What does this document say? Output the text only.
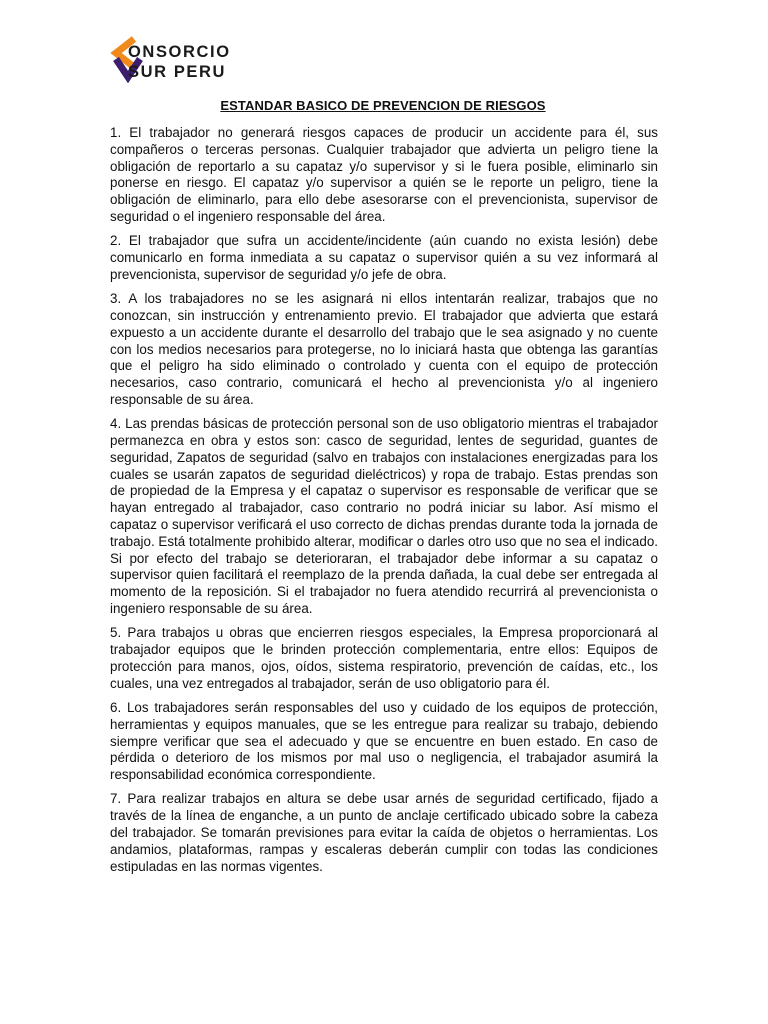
ONSORCIO
SUR PERU
ESTANDAR BASICO DE PREVENCION DE RIESGOS

1. El trabajador no generará riesgos capaces de producir un accidente para él, sus compañeros o terceras personas. Cualquier trabajador que advierta un peligro tiene la obligación de reportarlo a su capataz y/o supervisor y si le fuera posible, eliminarlo sin ponerse en riesgo. El capataz y/o supervisor a quién se le reporte un peligro, tiene la obligación de eliminarlo, para ello debe asesorarse con el prevencionista, supervisor de seguridad o el ingeniero responsable del área.

2. El trabajador que sufra un accidente/incidente (aún cuando no exista lesión) debe comunicarlo en forma inmediata a su capataz o supervisor quién a su vez informará al prevencionista, supervisor de seguridad y/o jefe de obra.

3. A los trabajadores no se les asignará ni ellos intentarán realizar, trabajos que no conozcan, sin instrucción y entrenamiento previo. El trabajador que advierta que estará expuesto a un accidente durante el desarrollo del trabajo que le sea asignado y no cuente con los medios necesarios para protegerse, no lo iniciará hasta que obtenga las garantías que el peligro ha sido eliminado o controlado y cuenta con el equipo de protección necesarios, caso contrario, comunicará el hecho al prevencionista y/o al ingeniero responsable de su área.

4. Las prendas básicas de protección personal son de uso obligatorio mientras el trabajador permanezca en obra y estos son: casco de seguridad, lentes de seguridad, guantes de seguridad, Zapatos de seguridad (salvo en trabajos con instalaciones energizadas para los cuales se usarán zapatos de seguridad dieléctricos) y ropa de trabajo. Estas prendas son de propiedad de la Empresa y el capataz o supervisor es responsable de verificar que se hayan entregado al trabajador, caso contrario no podrá iniciar su labor. Así mismo el capataz o supervisor verificará el uso correcto de dichas prendas durante toda la jornada de trabajo. Está totalmente prohibido alterar, modificar o darles otro uso que no sea el indicado. Si por efecto del trabajo se deterioraran, el trabajador debe informar a su capataz o supervisor quien facilitará el reemplazo de la prenda dañada, la cual debe ser entregada al momento de la reposición. Si el trabajador no fuera atendido recurrirá al prevencionista o ingeniero responsable de su área.

5. Para trabajos u obras que encierren riesgos especiales, la Empresa proporcionará al trabajador equipos que le brinden protección complementaria, entre ellos: Equipos de protección para manos, ojos, oídos, sistema respiratorio, prevención de caídas, etc., los cuales, una vez entregados al trabajador, serán de uso obligatorio para él.

6. Los trabajadores serán responsables del uso y cuidado de los equipos de protección, herramientas y equipos manuales, que se les entregue para realizar su trabajo, debiendo siempre verificar que sea el adecuado y que se encuentre en buen estado. En caso de pérdida o deterioro de los mismos por mal uso o negligencia, el trabajador asumirá la responsabilidad económica correspondiente.

7. Para realizar trabajos en altura se debe usar arnés de seguridad certificado, fijado a través de la línea de enganche, a un punto de anclaje certificado ubicado sobre la cabeza del trabajador. Se tomarán previsiones para evitar la caída de objetos o herramientas. Los andamios, plataformas, rampas y escaleras deberán cumplir con todas las condiciones estipuladas en las normas vigentes.
